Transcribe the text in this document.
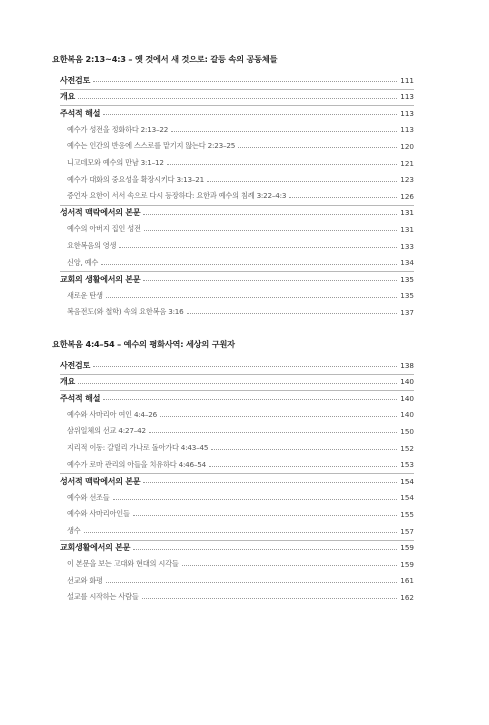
요한복음 2:13~4:3 – 옛 것에서 새 것으로: 갈등 속의 공동체들
사전검토	111
개요	113
주석적 해설	113
예수가 성전을 정화하다 2:13–22	113
예수는 인간의 반응에 스스로를 맡기지 않는다 2:23–25	120
니고데모와 예수의 만남 3:1–12	121
예수가 대화의 중요성을 확장시키다 3:13–21	123
증언자 요한이 서서 속으로 다시 등장하다: 요한과 예수의 침례 3:22–4:3	126
성서적 맥락에서의 본문	131
예수의 아버지 집인 성전	131
요한복음의 영생	133
신앙, 예수	134
교회의 생활에서의 본문	135
새로운 탄생	135
복음전도(와 철학) 속의 요한복음 3:16	137
요한복음 4:4–54 – 예수의 평화사역: 세상의 구원자
사전검토	138
개요	140
주석적 해설	140
예수와 사마리아 여인 4:4–26	140
삼위일체의 선교 4:27–42	150
지리적 이동: 갈릴리 가나로 돌아가다 4:43–45	152
예수가 로마 관리의 아들을 치유하다 4:46–54	153
성서적 맥락에서의 본문	154
예수와 선조들	154
예수와 사마리아인들	155
생수	157
교회생활에서의 본문	159
이 본문을 보는 고대와 현대의 시각들	159
선교와 화평	161
설교를 시작하는 사람들	162
